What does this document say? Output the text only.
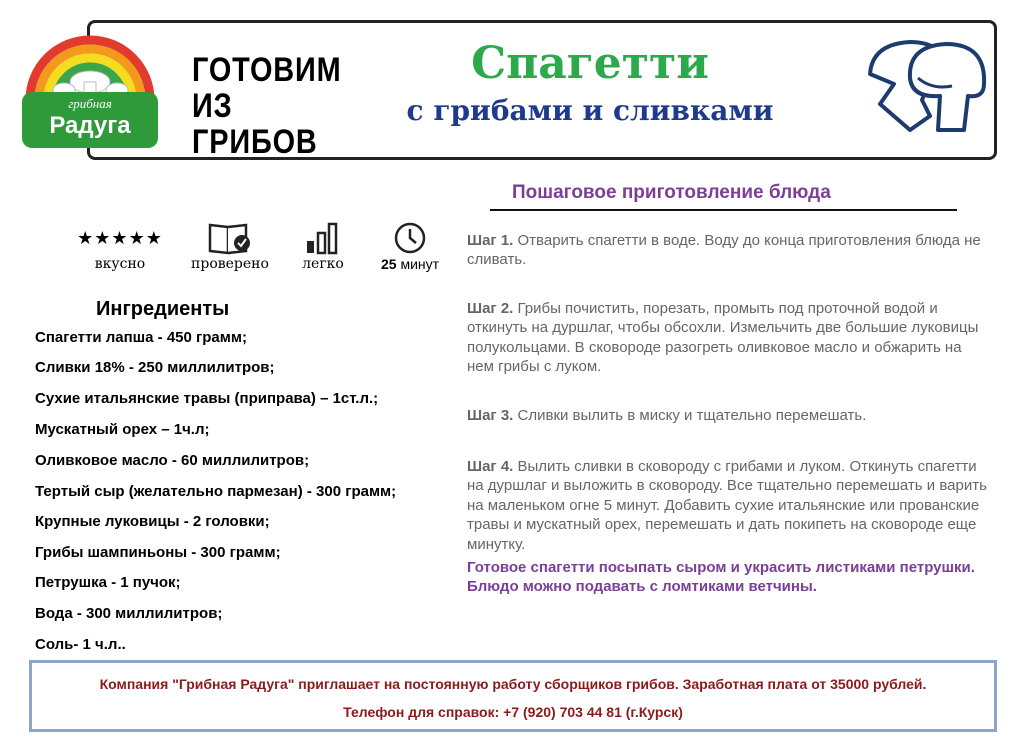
грибная
Радуга
ГОТОВИМ
ИЗ ГРИБОВ
Спагетти
с грибами и сливками
★★★★★
вкусно	проверено	легко	25 минут
Ингредиенты
Спагетти лапша - 450 грамм;
Сливки 18% - 250 миллилитров;
Сухие итальянские травы (приправа) – 1ст.л.;
Мускатный орех – 1ч.л;
Оливковое масло - 60 миллилитров;
Тертый сыр (желательно пармезан) - 300 грамм;
Крупные луковицы - 2 головки;
Грибы шампиньоны - 300 грамм;
Петрушка - 1 пучок;
Вода - 300 миллилитров;
Соль- 1 ч.л..
Пошаговое приготовление блюда
Шаг 1. Отварить спагетти в воде. Воду до конца приготовления блюда не сливать.
Шаг 2. Грибы почистить, порезать, промыть под проточной водой и откинуть на дуршлаг, чтобы обсохли. Измельчить две большие луковицы полукольцами. В сковороде разогреть оливковое масло и обжарить на нем грибы с луком.
Шаг 3. Сливки вылить в миску и тщательно перемешать.
Шаг 4. Вылить сливки в сковороду с грибами и луком. Откинуть спагетти на дуршлаг и выложить в сковороду. Все тщательно перемешать и варить на маленьком огне 5 минут. Добавить сухие итальянские или прованские травы и мускатный орех, перемешать и дать покипеть на сковороде еще минутку.
Готовое спагетти посыпать сыром и украсить листиками петрушки. Блюдо можно подавать с ломтиками ветчины.
Компания "Грибная Радуга" приглашает на постоянную работу сборщиков грибов. Заработная плата от 35000 рублей.
Телефон для справок: +7 (920) 703 44 81 (г.Курск)
